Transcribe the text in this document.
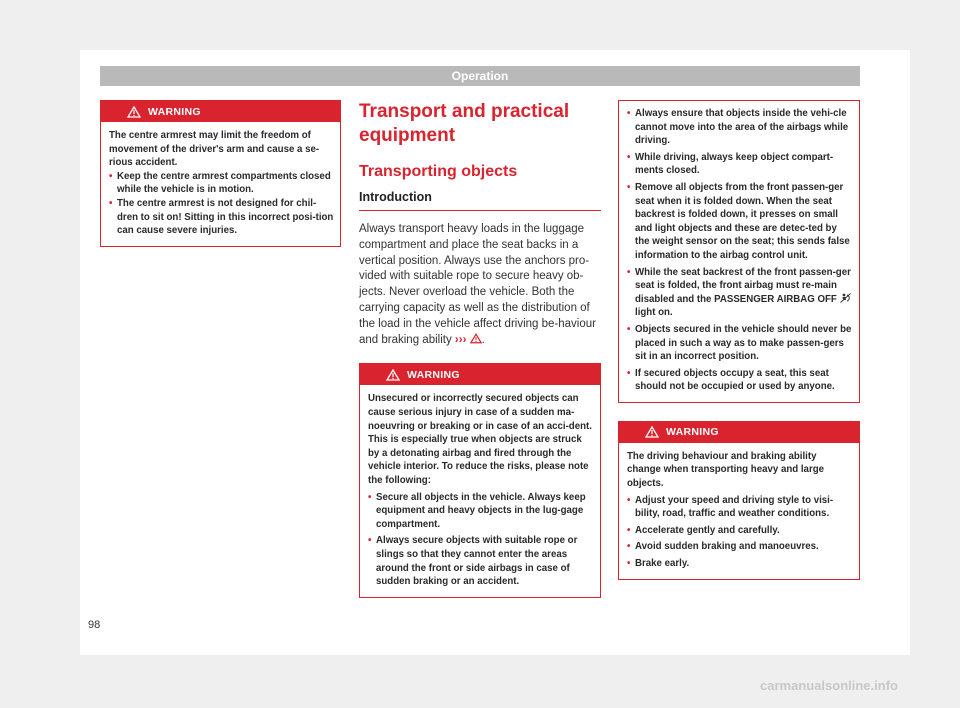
Operation
WARNING

The centre armrest may limit the freedom of movement of the driver's arm and cause a se-rious accident.

• Keep the centre armrest compartments closed while the vehicle is in motion.

• The centre armrest is not designed for chil-dren to sit on! Sitting in this incorrect posi-tion can cause severe injuries.

Transport and practical equipment
Transporting objects
Introduction

Always transport heavy loads in the luggage compartment and place the seat backs in a vertical position. Always use the anchors pro-vided with suitable rope to secure heavy ob-jects. Never overload the vehicle. Both the carrying capacity as well as the distribution of the load in the vehicle affect driving be-haviour and braking ability ››› .

WARNING

Unsecured or incorrectly secured objects can cause serious injury in case of a sudden ma-noeuvring or breaking or in case of an acci-dent. This is especially true when objects are struck by a detonating airbag and fired through the vehicle interior. To reduce the risks, please note the following:

• Secure all objects in the vehicle. Always keep equipment and heavy objects in the lug-gage compartment.

• Always secure objects with suitable rope or slings so that they cannot enter the areas around the front or side airbags in case of sudden braking or an accident.

• Always ensure that objects inside the vehi-cle cannot move into the area of the airbags while driving.

• While driving, always keep object compart-ments closed.

• Remove all objects from the front passen-ger seat when it is folded down. When the seat backrest is folded down, it presses on small and light objects and these are detec-ted by the weight sensor on the seat; this sends false information to the airbag control unit.

• While the seat backrest of the front passen-ger seat is folded, the front airbag must re-main disabled and the PASSENGER AIRBAG OFF  light on.

• Objects secured in the vehicle should never be placed in such a way as to make passen-gers sit in an incorrect position.

• If secured objects occupy a seat, this seat should not be occupied or used by anyone.

WARNING

The driving behaviour and braking ability change when transporting heavy and large objects.

• Adjust your speed and driving style to visi-bility, road, traffic and weather conditions.

• Accelerate gently and carefully.

• Avoid sudden braking and manoeuvres.

• Brake early.

98
carmanualsonline.info
